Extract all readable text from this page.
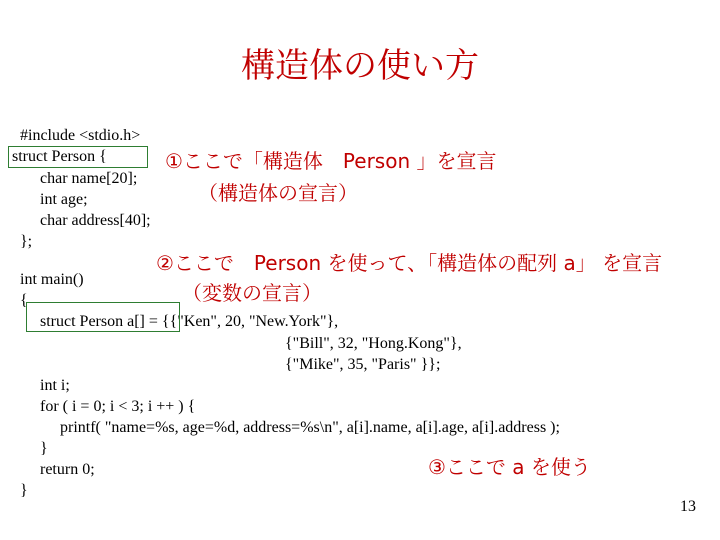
構造体の使い方
#include <stdio.h>
struct Person {
char name[20];
int age;
char address[40];
};
int main()
{
struct Person a[] = {{"Ken", 20, "New.York"},
{"Bill", 32, "Hong.Kong"},
{"Mike", 35, "Paris" }};
int i;
for ( i = 0; i < 3; i ++ ) {
printf( "name=%s, age=%d, address=%s\n", a[i].name, a[i].age, a[i].address );
}
return 0;
}
①ここで「構造体　Person 」を宣言
（構造体の宣言）
②ここで　Person を使って、「構造体の配列 a」 を宣言
（変数の宣言）
③ここで a を使う
13
